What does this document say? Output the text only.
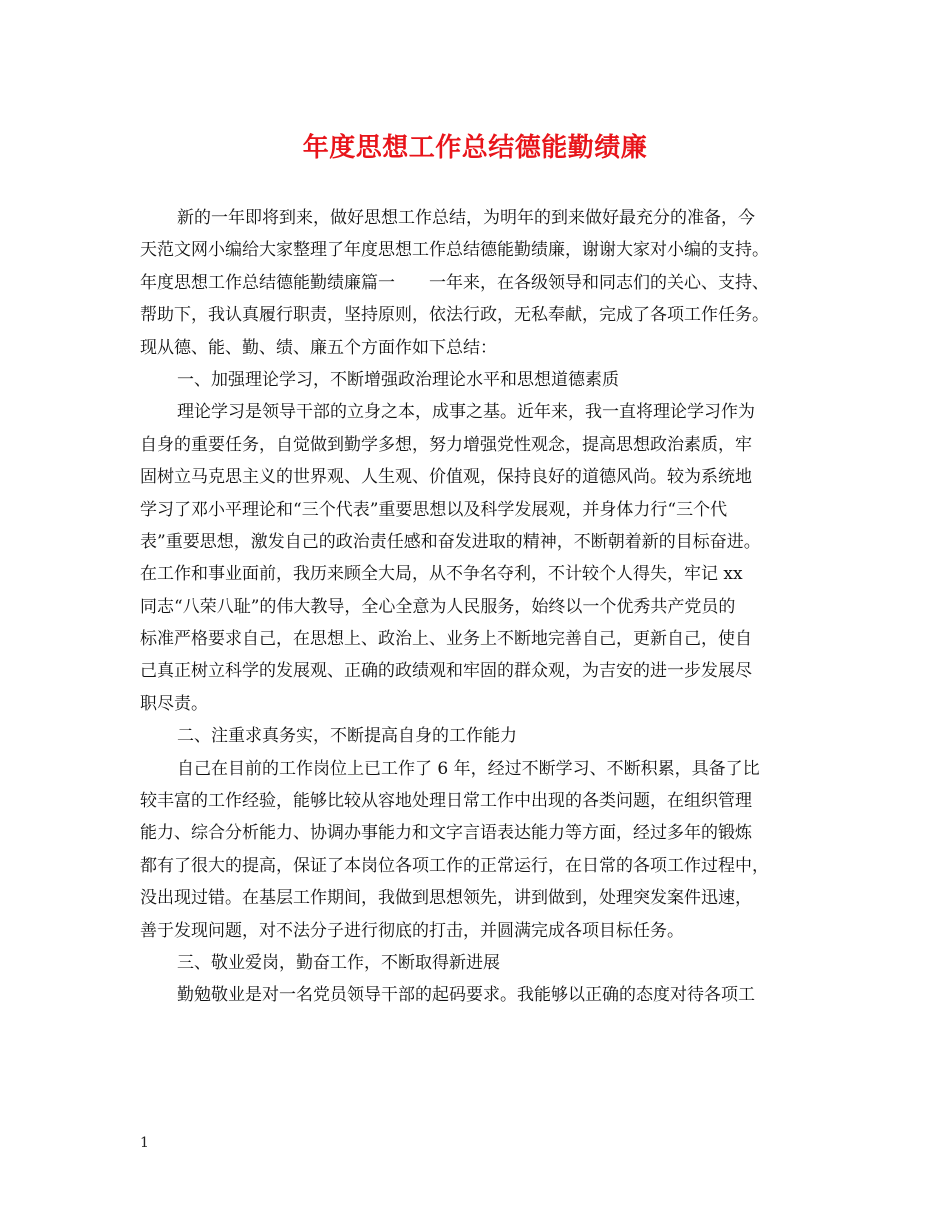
年度思想工作总结德能勤绩廉

新的一年即将到来，做好思想工作总结，为明年的到来做好最充分的准备，今

天范文网小编给大家整理了年度思想工作总结德能勤绩廉，谢谢大家对小编的支持。

年度思想工作总结德能勤绩廉篇一　　一年来，在各级领导和同志们的关心、支持、

帮助下，我认真履行职责，坚持原则，依法行政，无私奉献，完成了各项工作任务。

现从德、能、勤、绩、廉五个方面作如下总结：

一、加强理论学习，不断增强政治理论水平和思想道德素质

理论学习是领导干部的立身之本，成事之基。近年来，我一直将理论学习作为

自身的重要任务，自觉做到勤学多想，努力增强党性观念，提高思想政治素质，牢

固树立马克思主义的世界观、人生观、价值观，保持良好的道德风尚。较为系统地

学习了邓小平理论和“三个代表”重要思想以及科学发展观，并身体力行“三个代

表”重要思想，激发自己的政治责任感和奋发进取的精神，不断朝着新的目标奋进。

在工作和事业面前，我历来顾全大局，从不争名夺利，不计较个人得失，牢记 xx

同志“八荣八耻”的伟大教导，全心全意为人民服务，始终以一个优秀共产党员的

标准严格要求自己，在思想上、政治上、业务上不断地完善自己，更新自己，使自

己真正树立科学的发展观、正确的政绩观和牢固的群众观，为吉安的进一步发展尽

职尽责。

二、注重求真务实，不断提高自身的工作能力

自己在目前的工作岗位上已工作了 6 年，经过不断学习、不断积累，具备了比

较丰富的工作经验，能够比较从容地处理日常工作中出现的各类问题，在组织管理

能力、综合分析能力、协调办事能力和文字言语表达能力等方面，经过多年的锻炼

都有了很大的提高，保证了本岗位各项工作的正常运行，在日常的各项工作过程中，

没出现过错。在基层工作期间，我做到思想领先，讲到做到，处理突发案件迅速，

善于发现问题，对不法分子进行彻底的打击，并圆满完成各项目标任务。

三、敬业爱岗，勤奋工作，不断取得新进展

勤勉敬业是对一名党员领导干部的起码要求。我能够以正确的态度对待各项工

1
